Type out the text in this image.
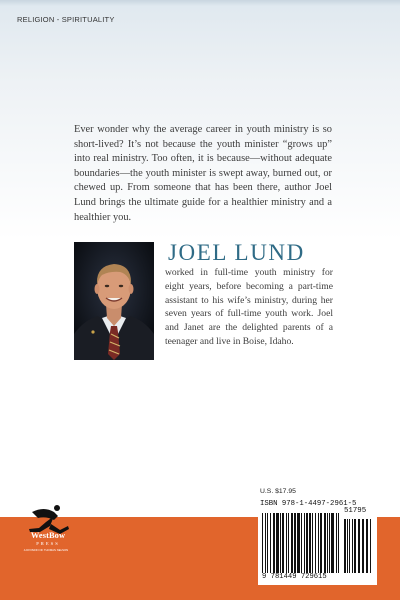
RELIGION - SPIRITUALITY

Ever wonder why the average career in youth ministry is so short-lived? It’s not because the youth minister “grows up” into real ministry. Too often, it is because—without adequate boundaries—the youth minister is swept away, burned out, or chewed up. From someone that has been there, author Joel Lund brings the ultimate guide for a healthier ministry and a healthier you.

JOEL LUND

worked in full-time youth ministry for eight years, before becoming a part-time assistant to his wife’s ministry, during her seven years of full-time youth work. Joel and Janet are the delighted parents of a teenager and live in Boise, Idaho.

WestBow
PRESS
A DIVISION OF THOMAS NELSON
U.S. $17.95
ISBN 978-1-4497-2961-5
51795
9 781449 729615
